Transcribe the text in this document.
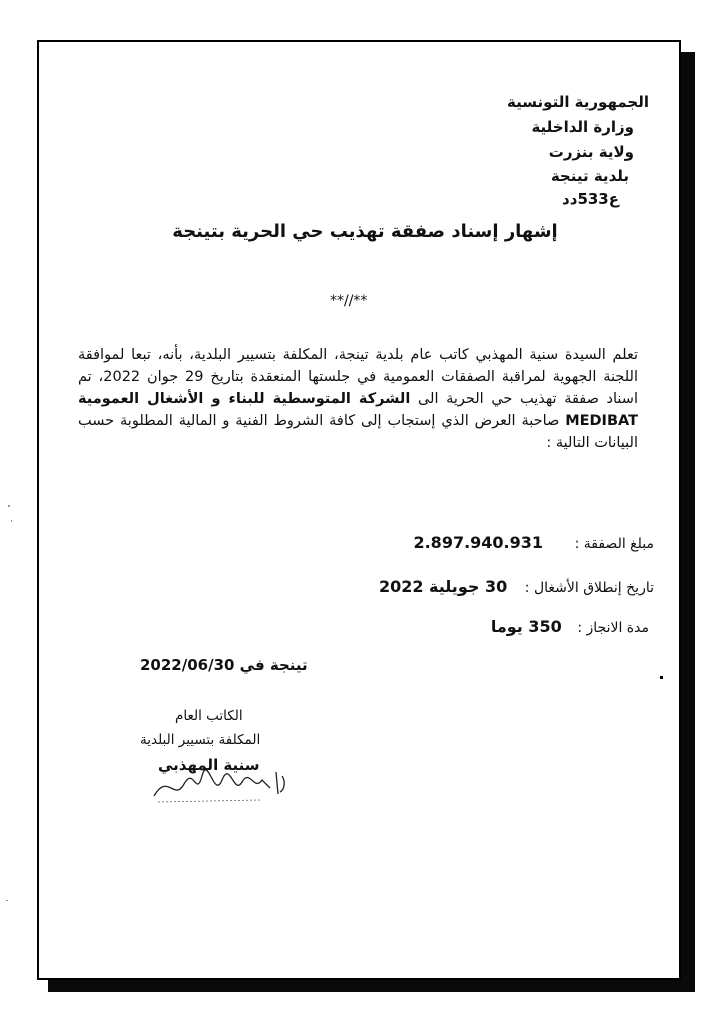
الجمهورية التونسية
وزارة الداخلية
ولاية بنزرت
بلدية تينجة
ع533دد
إشهار إسناد صفقة تهذيب حي الحرية بتينجة
**//**
تعلم السيدة سنية المهذبي كاتب عام بلدية تينجة، المكلفة بتسيير البلدية، بأنه، تبعا لموافقة اللجنة الجهوية لمراقبة الصفقات العمومية في جلستها المنعقدة بتاريخ 29 جوان 2022، تم اسناد صفقة تهذيب حي الحرية الى الشركة المتوسطية للبناء و الأشغال العمومية MEDIBAT صاحبة العرض الذي إستجاب إلى كافة الشروط الفنية و المالية المطلوبة حسب البيانات التالية :
مبلغ الصفقة :  2.897.940.931
تاريخ إنطلاق الأشغال :  30 جويلية 2022
مدة الانجاز :  350 يوما
تينجة في 2022/06/30
الكاتب العام
المكلفة بتسيير البلدية
سنية المهذبي
